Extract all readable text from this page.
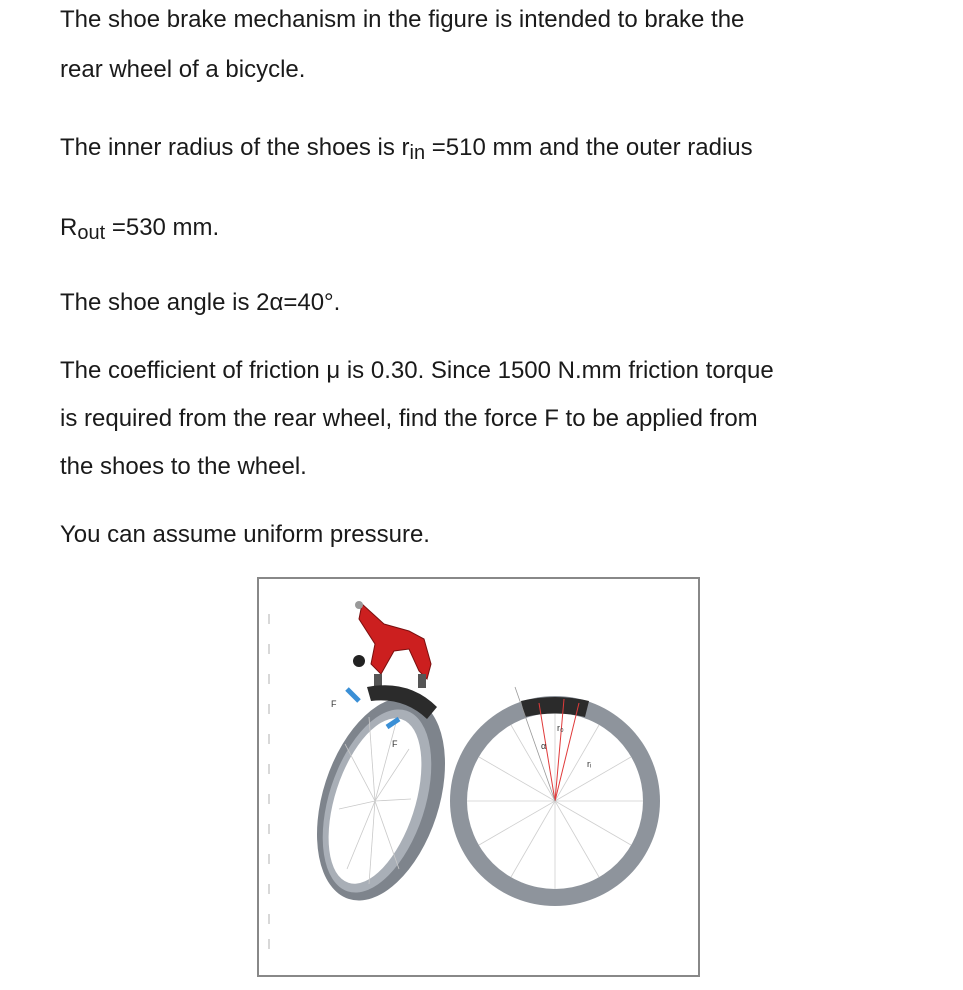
The shoe brake mechanism in the figure is intended to brake the
rear wheel of a bicycle.
The inner radius of the shoes is rin =510 mm and the outer radius
Rout =530 mm.
The shoe angle is 2α=40°.
The coefficient of friction μ is 0.30. Since 1500 N.mm friction torque
is required from the rear wheel, find the force F to be applied from
the shoes to the wheel.
You can assume uniform pressure.
F
F
r₀
α
rᵢ
